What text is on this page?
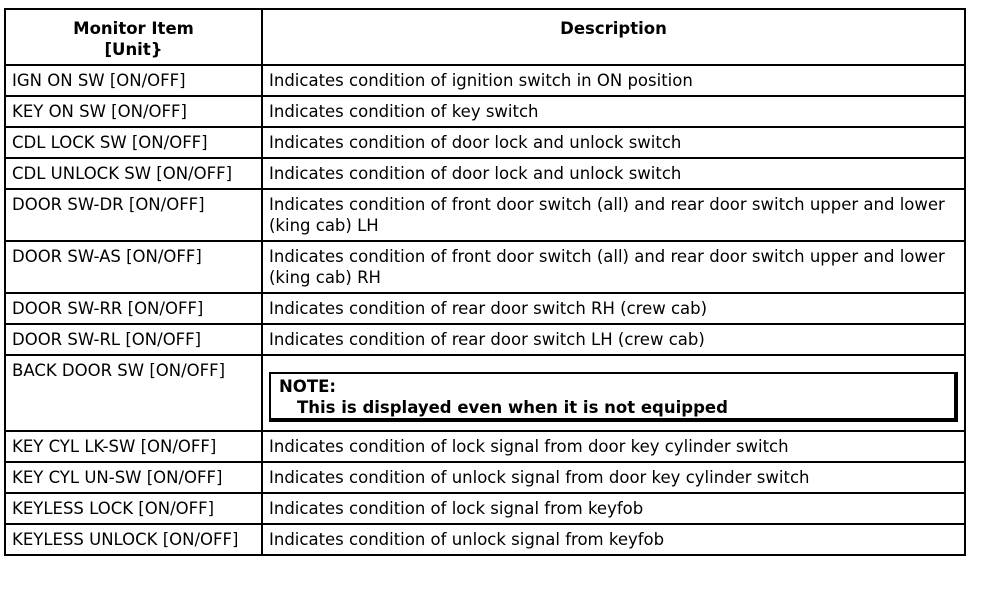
Monitor Item
[Unit}	Description
IGN ON SW [ON/OFF]	Indicates condition of ignition switch in ON position
KEY ON SW [ON/OFF]	Indicates condition of key switch
CDL LOCK SW [ON/OFF]	Indicates condition of door lock and unlock switch
CDL UNLOCK SW [ON/OFF]	Indicates condition of door lock and unlock switch
DOOR SW-DR [ON/OFF]	Indicates condition of front door switch (all) and rear door switch upper and lower (king cab) LH
DOOR SW-AS [ON/OFF]	Indicates condition of front door switch (all) and rear door switch upper and lower (king cab) RH
DOOR SW-RR [ON/OFF]	Indicates condition of rear door switch RH (crew cab)
DOOR SW-RL [ON/OFF]	Indicates condition of rear door switch LH (crew cab)
BACK DOOR SW [ON/OFF]	NOTE:
This is displayed even when it is not equipped

KEY CYL LK-SW [ON/OFF]	Indicates condition of lock signal from door key cylinder switch
KEY CYL UN-SW [ON/OFF]	Indicates condition of unlock signal from door key cylinder switch
KEYLESS LOCK [ON/OFF]	Indicates condition of lock signal from keyfob
KEYLESS UNLOCK [ON/OFF]	Indicates condition of unlock signal from keyfob
